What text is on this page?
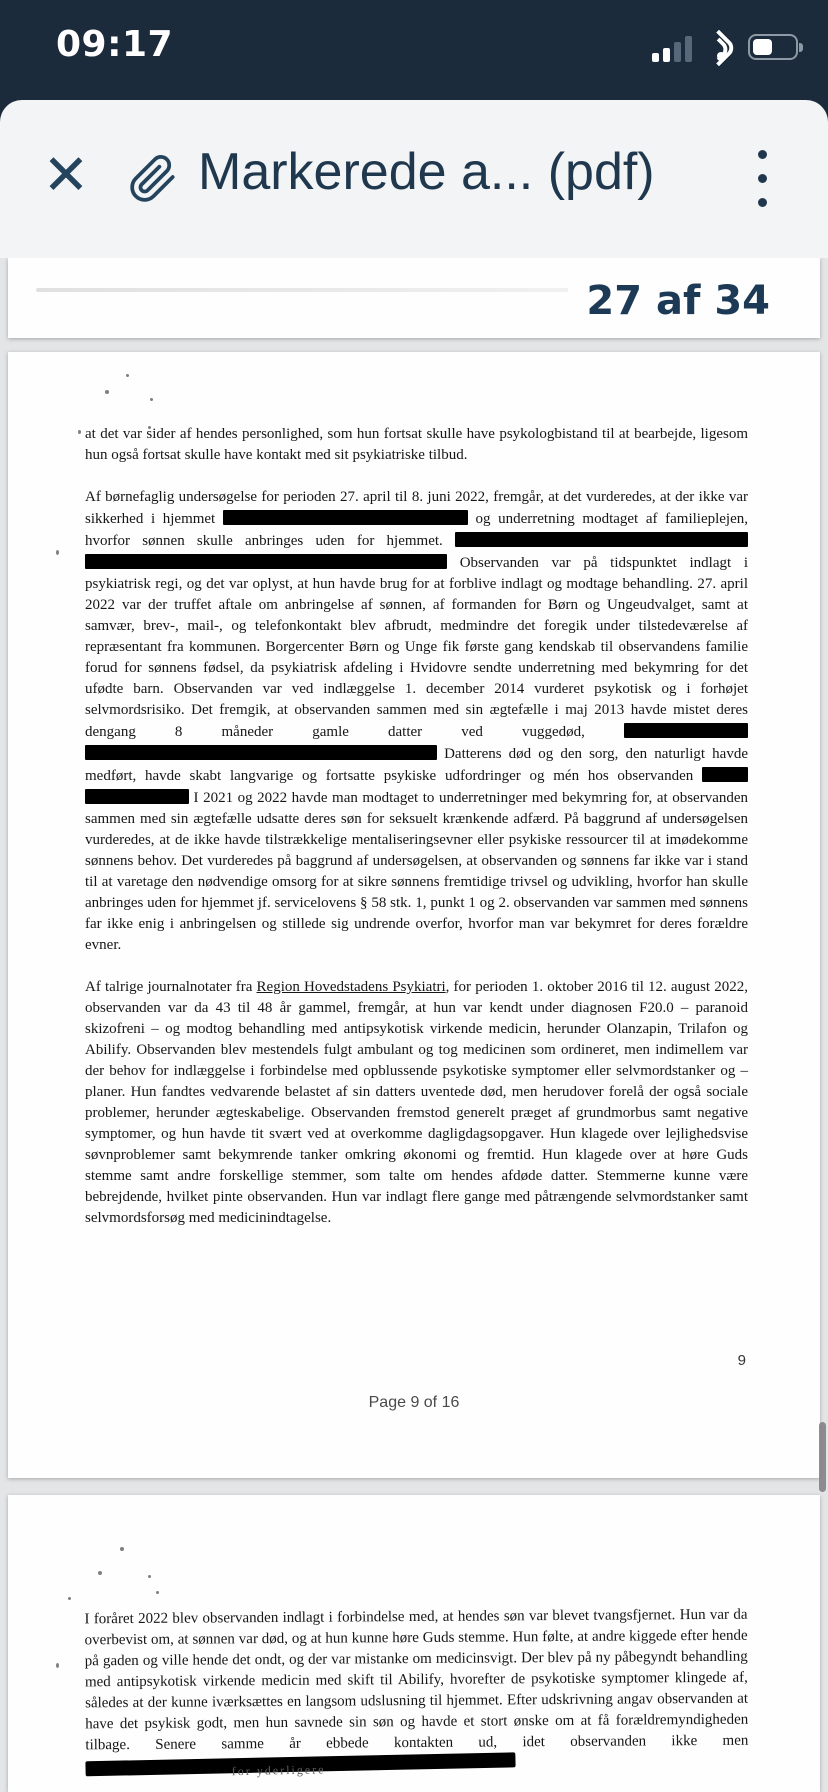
09:17
✕ Markerede a... (pdf)
27 af 34

at det var sider af hendes personlighed, som hun fortsat skulle have psykologbistand til at bearbejde, ligesom hun også fortsat skulle have kontakt med sit psykiatriske tilbud.

Af børnefaglig undersøgelse for perioden 27. april til 8. juni 2022, fremgår, at det vurderedes, at der ikke var sikkerhed i hjemmet	og underretning modtaget af familieplejen, hvorfor sønnen skulle anbringes uden for hjemmet.   Observanden var på tidspunktet indlagt i psykiatrisk regi, og det var oplyst, at hun havde brug for at forblive indlagt og modtage behandling. 27. april 2022 var der truffet aftale om anbringelse af sønnen, af formanden for Børn og Ungeudvalget, samt at samvær, brev-, mail-, og telefonkontakt blev afbrudt, medmindre det foregik under tilstedeværelse af repræsentant fra kommunen. Borgercenter Børn og Unge fik første gang kendskab til observandens familie forud for sønnens fødsel, da psykiatrisk afdeling i Hvidovre sendte underretning med bekymring for det ufødte barn. Observanden var ved indlæggelse 1. december 2014 vurderet psykotisk og i forhøjet selvmordsrisiko. Det fremgik, at observanden sammen med sin ægtefælle i maj 2013 havde mistet deres dengang 8 måneder gamle datter ved vuggedød,   Datterens død og den sorg, den naturligt havde medført, havde skabt langvarige og fortsatte psykiske udfordringer og mén hos observanden   I 2021 og 2022 havde man modtaget to underretninger med bekymring for, at observanden sammen med sin ægtefælle udsatte deres søn for seksuelt krænkende adfærd. På baggrund af undersøgelsen vurderedes, at de ikke havde tilstrækkelige mentaliseringsevner eller psykiske ressourcer til at imødekomme sønnens behov. Det vurderedes på baggrund af undersøgelsen, at observanden og sønnens far ikke var i stand til at varetage den nødvendige omsorg for at sikre sønnens fremtidige trivsel og udvikling, hvorfor han skulle anbringes uden for hjemmet jf. servicelovens § 58 stk. 1, punkt 1 og 2. observanden var sammen med sønnens far ikke enig i anbringelsen og stillede sig undrende overfor, hvorfor man var bekymret for deres forældre evner.

Af talrige journalnotater fra Region Hovedstadens Psykiatri, for perioden 1. oktober 2016 til 12. august 2022, observanden var da 43 til 48 år gammel, fremgår, at hun var kendt under diagnosen F20.0 – paranoid skizofreni – og modtog behandling med antipsykotisk virkende medicin, herunder Olanzapin, Trilafon og Abilify. Observanden blev mestendels fulgt ambulant og tog medicinen som ordineret, men indimellem var der behov for indlæggelse i forbindelse med opblussende psykotiske symptomer eller selvmordstanker og –planer. Hun fandtes vedvarende belastet af sin datters uventede død, men herudover forelå der også sociale problemer, herunder ægteskabelige. Observanden fremstod generelt præget af grundmorbus samt negative symptomer, og hun havde tit svært ved at overkomme dagligdagsopgaver. Hun klagede over lejlighedsvise søvnproblemer samt bekymrende tanker omkring økonomi og fremtid. Hun klagede over at høre Guds stemme samt andre forskellige stemmer, som talte om hendes afdøde datter. Stemmerne kunne være bebrejdende, hvilket pinte observanden. Hun var indlagt flere gange med påtrængende selvmordstanker samt selvmordsforsøg med medicinindtagelse.

9
Page 9 of 16

I foråret 2022 blev observanden indlagt i forbindelse med, at hendes søn var blevet tvangsfjernet. Hun var da overbevist om, at sønnen var død, og at hun kunne høre Guds stemme. Hun følte, at andre kiggede efter hende på gaden og ville hende det ondt, og der var mistanke om medicinsvigt. Der blev på ny påbegyndt behandling med antipsykotisk virkende medicin med skift til Abilify, hvorefter de psykotiske symptomer klingede af, således at der kunne iværksættes en langsom udslusning til hjemmet. Efter udskrivning angav observanden at have det psykisk godt, men hun savnede sin søn og havde et stort ønske om at få forældremyndigheden tilbage. Senere samme år ebbede kontakten ud, idet observanden ikke men
for yderligere
